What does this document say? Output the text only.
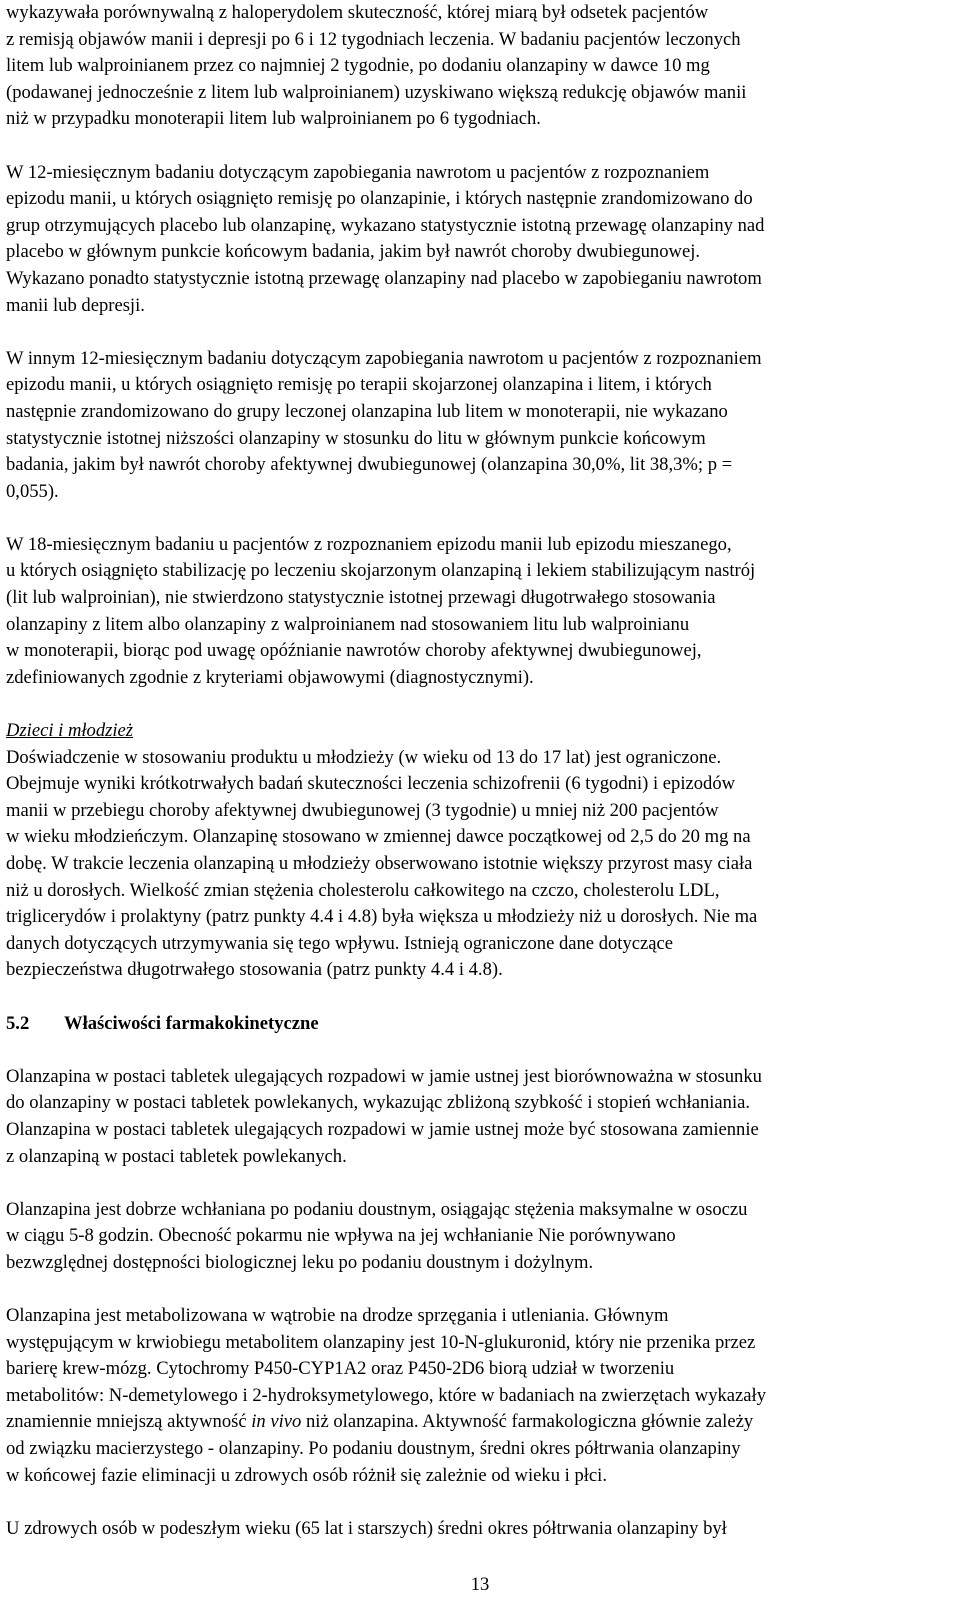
wykazywała porównywalną z haloperydolem skuteczność, której miarą był odsetek pacjentów
z remisją objawów manii i depresji po 6 i 12 tygodniach leczenia. W badaniu pacjentów leczonych
litem lub walproinianem przez co najmniej 2 tygodnie, po dodaniu olanzapiny w dawce 10 mg
(podawanej jednocześnie z litem lub walproinianem) uzyskiwano większą redukcję objawów manii
niż w przypadku monoterapii litem lub walproinianem po 6 tygodniach.

W 12-miesięcznym badaniu dotyczącym zapobiegania nawrotom u pacjentów z rozpoznaniem
epizodu manii, u których osiągnięto remisję po olanzapinie, i których następnie zrandomizowano do
grup otrzymujących placebo lub olanzapinę, wykazano statystycznie istotną przewagę olanzapiny nad
placebo w głównym punkcie końcowym badania, jakim był nawrót choroby dwubiegunowej.
Wykazano ponadto statystycznie istotną przewagę olanzapiny nad placebo w zapobieganiu nawrotom
manii lub depresji.

W innym 12-miesięcznym badaniu dotyczącym zapobiegania nawrotom u pacjentów z rozpoznaniem
epizodu manii, u których osiągnięto remisję po terapii skojarzonej olanzapina i litem, i których
następnie zrandomizowano do grupy leczonej olanzapina lub litem w monoterapii, nie wykazano
statystycznie istotnej niższości olanzapiny w stosunku do litu w głównym punkcie końcowym
badania, jakim był nawrót choroby afektywnej dwubiegunowej (olanzapina 30,0%, lit 38,3%; p =
0,055).

W 18-miesięcznym badaniu u pacjentów z rozpoznaniem epizodu manii lub epizodu mieszanego,
u których osiągnięto stabilizację po leczeniu skojarzonym olanzapiną i lekiem stabilizującym nastrój
(lit lub walproinian), nie stwierdzono statystycznie istotnej przewagi długotrwałego stosowania
olanzapiny z litem albo olanzapiny z walproinianem nad stosowaniem litu lub walproinianu
w monoterapii, biorąc pod uwagę opóźnianie nawrotów choroby afektywnej dwubiegunowej,
zdefiniowanych zgodnie z kryteriami objawowymi (diagnostycznymi).

Dzieci i młodzież

Doświadczenie w stosowaniu produktu u młodzieży (w wieku od 13 do 17 lat) jest ograniczone.
Obejmuje wyniki krótkotrwałych badań skuteczności leczenia schizofrenii (6 tygodni) i epizodów
manii w przebiegu choroby afektywnej dwubiegunowej (3 tygodnie) u mniej niż 200 pacjentów
w wieku młodzieńczym. Olanzapinę stosowano w zmiennej dawce początkowej od 2,5 do 20 mg na
dobę. W trakcie leczenia olanzapiną u młodzieży obserwowano istotnie większy przyrost masy ciała
niż u dorosłych. Wielkość zmian stężenia cholesterolu całkowitego na czczo, cholesterolu LDL,
triglicerydów i prolaktyny (patrz punkty 4.4 i 4.8) była większa u młodzieży niż u dorosłych. Nie ma
danych dotyczących utrzymywania się tego wpływu. Istnieją ograniczone dane dotyczące
bezpieczeństwa długotrwałego stosowania (patrz punkty 4.4 i 4.8).

5.2 Właściwości farmakokinetyczne

Olanzapina w postaci tabletek ulegających rozpadowi w jamie ustnej jest biorównoważna w stosunku
do olanzapiny w postaci tabletek powlekanych, wykazując zbliżoną szybkość i stopień wchłaniania.
Olanzapina w postaci tabletek ulegających rozpadowi w jamie ustnej może być stosowana zamiennie
z olanzapiną w postaci tabletek powlekanych.

Olanzapina jest dobrze wchłaniana po podaniu doustnym, osiągając stężenia maksymalne w osoczu
w ciągu 5-8 godzin. Obecność pokarmu nie wpływa na jej wchłanianie Nie porównywano
bezwzględnej dostępności biologicznej leku po podaniu doustnym i dożylnym.

Olanzapina jest metabolizowana w wątrobie na drodze sprzęgania i utleniania. Głównym
występującym w krwiobiegu metabolitem olanzapiny jest 10-N-glukuronid, który nie przenika przez
barierę krew-mózg. Cytochromy P450-CYP1A2 oraz P450-2D6 biorą udział w tworzeniu
metabolitów: N-demetylowego i 2-hydroksymetylowego, które w badaniach na zwierzętach wykazały
znamiennie mniejszą aktywność in vivo niż olanzapina. Aktywność farmakologiczna głównie zależy
od związku macierzystego - olanzapiny. Po podaniu doustnym, średni okres półtrwania olanzapiny
w końcowej fazie eliminacji u zdrowych osób różnił się zależnie od wieku i płci.

U zdrowych osób w podeszłym wieku (65 lat i starszych) średni okres półtrwania olanzapiny był

13
